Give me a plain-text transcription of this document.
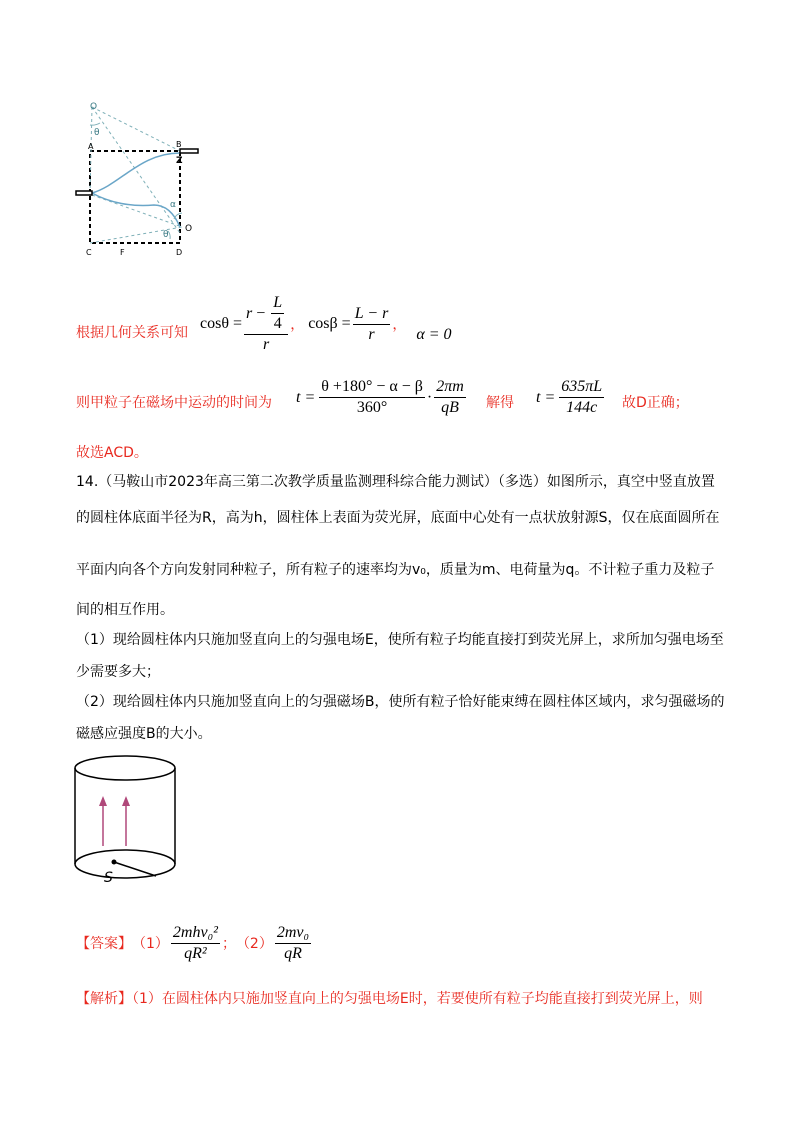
O
θ
A	B
Z
C	F	D
O
α
θ
根据几何关系可知
$\cos\theta = \frac{r - \frac{L}{4}}{r}$ ， $\cos\beta = \frac{L - r}{r}$ ，
α = 0
则甲粒子在磁场中运动的时间为 $t = \frac{\theta +180^\circ - \alpha - \beta}{360^\circ} \cdot \frac{2\pi m}{qB}$ 解得 $t = \frac{635\pi L}{144c}$ 故D正确；
故选ACD。
14.（马鞍山市2023年高三第二次教学质量监测理科综合能力测试）（多选）如图所示，真空中竖直放置
的圆柱体底面半径为R，高为h，圆柱体上表面为荧光屏，底面中心处有一点状放射源S，仅在底面圆所在
平面内向各个方向发射同种粒子，所有粒子的速率均为v₀，质量为m、电荷量为q。不计粒子重力及粒子
间的相互作用。
（1）现给圆柱体内只施加竖直向上的匀强电场E，使所有粒子均能直接打到荧光屏上，求所加匀强电场至
少需要多大；
（2）现给圆柱体内只施加竖直向上的匀强磁场B，使所有粒子恰好能束缚在圆柱体区域内，求匀强磁场的
磁感应强度B的大小。
S
【答案】 $(1) \frac{\text{2mhv₀²}}{\text{qR²}}$ ； $(2) \frac{\text{2mv₀}}{qR}$
【解析】（1）在圆柱体内只施加竖直向上的匀强电场E时，若要使所有粒子均能直接打到荧光屏上，则
